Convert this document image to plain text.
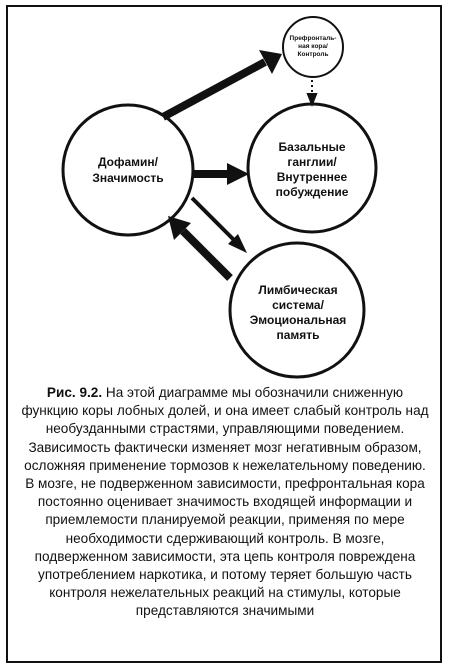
Префронталь-
ная кора/
Контроль
Дофамин/
Значимость
Базальные
ганглии/
Внутреннее
побуждение
Лимбическая
система/
Эмоциональная
память
Рис. 9.2. На этой диаграмме мы обозначили сниженную функцию коры лобных долей, и она имеет слабый контроль над необузданными страстями, управляющими поведением. Зависимость фактически изменяет мозг негативным образом, осложняя применение тормозов к нежелательному поведению. В мозге, не подверженном зависимости, префронтальная кора постоянно оценивает значимость входящей информации и приемлемости планируемой реакции, применяя по мере необходимости сдерживающий контроль. В мозге, подверженном зависимости, эта цепь контроля повреждена употреблением наркотика, и потому теряет большую часть контроля нежелательных реакций на стимулы, которые представляются значимыми
